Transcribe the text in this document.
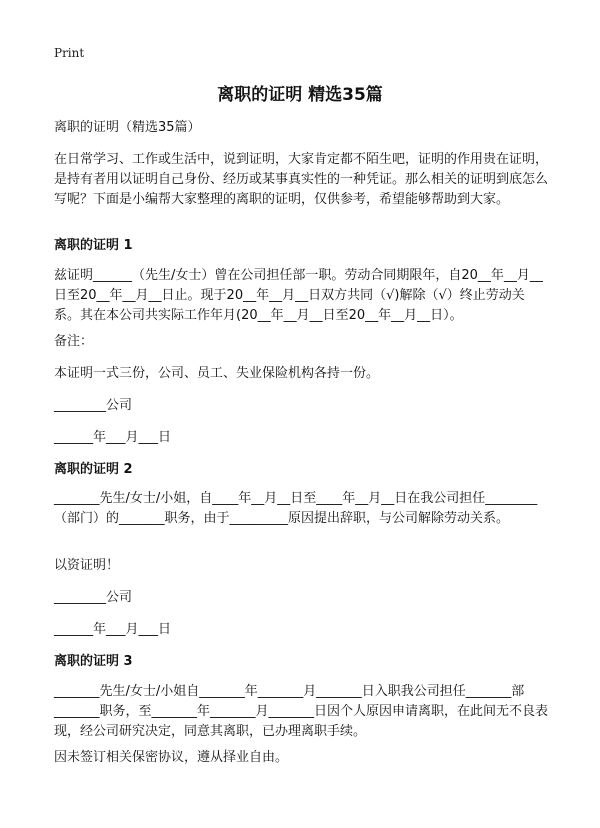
Print
离职的证明 精选35篇

离职的证明（精选35篇）

在日常学习、工作或生活中，说到证明，大家肯定都不陌生吧，证明的作用贵在证明，是持有者用以证明自己身份、经历或某事真实性的一种凭证。那么相关的证明到底怎么写呢？下面是小编帮大家整理的离职的证明，仅供参考，希望能够帮助到大家。

离职的证明 1

兹证明______（先生/女士）曾在公司担任部一职。劳动合同期限年，自20__年__月__日至20__年__月__日止。现于20__年__月__日双方共同（√)解除（√）终止劳动关系。其在本公司共实际工作年月(20__年__月__日至20__年__月__日）。

备注：

本证明一式三份，公司、员工、失业保险机构各持一份。

________公司

______年___月___日

离职的证明 2

_______先生/女士/小姐，自____年__月__日至____年__月__日在我公司担任________（部门）的_______职务，由于_________原因提出辞职，与公司解除劳动关系。

以资证明！

________公司

______年___月___日

离职的证明 3

_______先生/女士/小姐自_______年_______月_______日入职我公司担任_______部_______职务，至_______年_______月_______日因个人原因申请离职，在此间无不良表现，经公司研究决定，同意其离职，已办理离职手续。

因未签订相关保密协议，遵从择业自由。
